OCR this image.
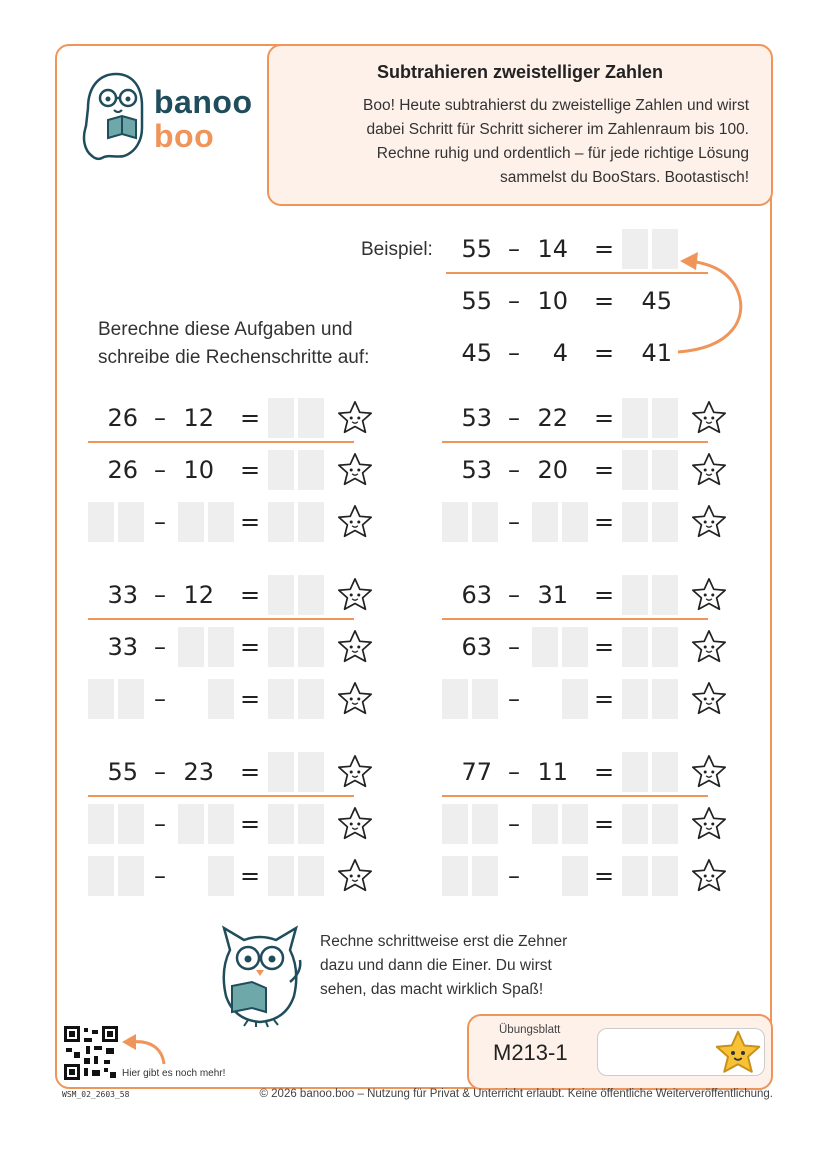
banoo
boo
Subtrahieren zweistelliger Zahlen
Boo! Heute subtrahierst du zweistellige Zahlen und wirst
dabei Schritt für Schritt sicherer im Zahlenraum bis 100.
Rechne ruhig und ordentlich – für jede richtige Lösung
sammelst du BooStars. Bootastisch!
Beispiel:	55 – 14 =
55 – 10 =	45
45 –	4 =	41
Berechne diese Aufgaben und
schreibe die Rechenschritte auf:
26 – 12 =
26 – 10 =
–	=
53 – 22 =
53 – 20 =
–	=
33 – 12 =
33 –	=
–	=
63 – 31 =
63 –	=
–	=
55 – 23 =
–	=
–	=
77 – 11 =
–	=
–	=
Rechne schrittweise erst die Zehner
dazu und dann die Einer. Du wirst
sehen, das macht wirklich Spaß!
Hier gibt es noch mehr!
Übungsblatt
M213-1
WSM_02_2603_58	© 2026 banoo.boo – Nutzung für Privat & Unterricht erlaubt. Keine öffentliche Weiterveröffentlichung.
